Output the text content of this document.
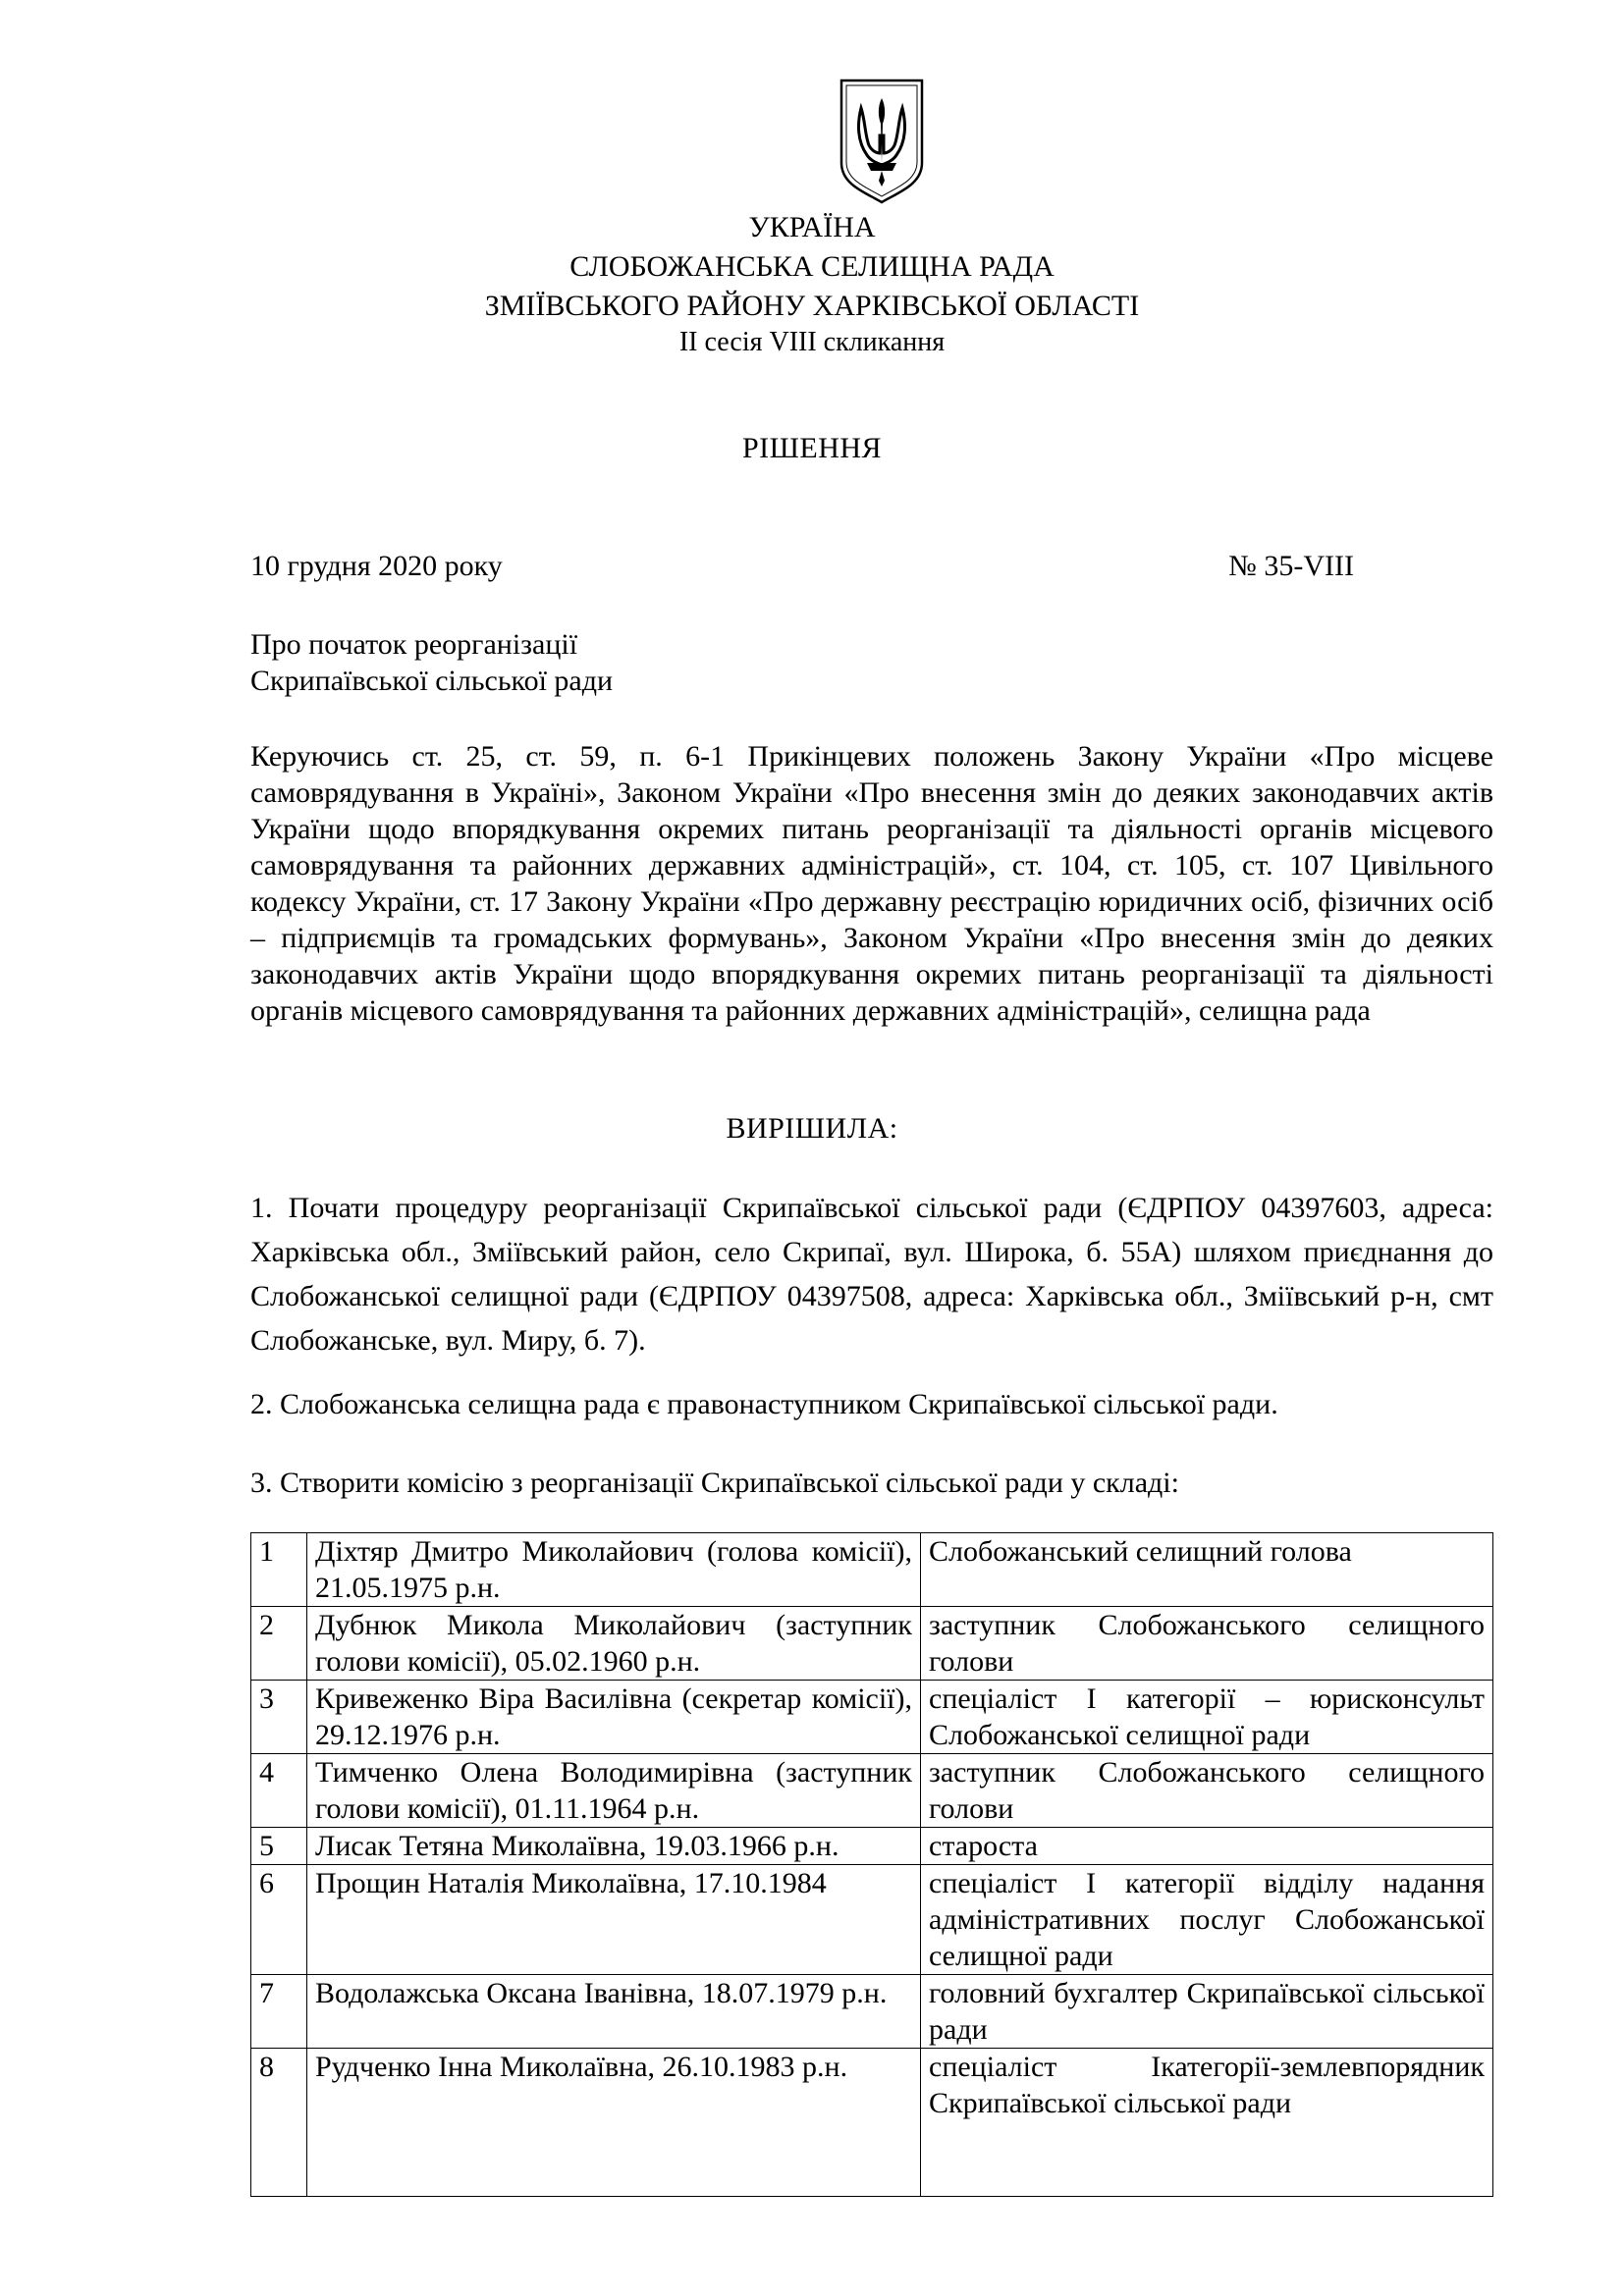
УКРАЇНА
СЛОБОЖАНСЬКА СЕЛИЩНА РАДА
ЗМІЇВСЬКОГО РАЙОНУ ХАРКІВСЬКОЇ ОБЛАСТІ
ІІ сесія VIII скликання
РІШЕННЯ
10 грудня 2020 року	№ 35-VIII
Про початок реорганізації
Скрипаївської сільської ради
Керуючись ст. 25, ст. 59, п. 6-1 Прикінцевих положень Закону України «Про місцеве самоврядування в Україні», Законом України «Про внесення змін до деяких законодавчих актів України щодо впорядкування окремих питань реорганізації та діяльності органів місцевого самоврядування та районних державних адміністрацій», ст. 104, ст. 105, ст. 107 Цивільного кодексу України, ст. 17 Закону України «Про державну реєстрацію юридичних осіб, фізичних осіб – підприємців та громадських формувань», Законом України «Про внесення змін до деяких законодавчих актів України щодо впорядкування окремих питань реорганізації та діяльності органів місцевого самоврядування та районних державних адміністрацій», селищна рада
ВИРІШИЛА:
1. Почати процедуру реорганізації Скрипаївської сільської ради (ЄДРПОУ 04397603, адреса: Харківська обл., Зміївський район, село Скрипаї, вул. Широка, б. 55А) шляхом приєднання до Слобожанської селищної ради (ЄДРПОУ 04397508, адреса: Харківська обл., Зміївський р-н, смт Слобожанське, вул. Миру, б. 7).
2. Слобожанська селищна рада є правонаступником Скрипаївської сільської ради.
3. Створити комісію з реорганізації Скрипаївської сільської ради у складі:
1	Діхтяр Дмитро Миколайович (голова комісії), 21.05.1975 р.н.	Слобожанський селищний голова
2	Дубнюк Микола Миколайович (заступник голови комісії), 05.02.1960 р.н.	заступник Слобожанського селищного голови
3	Кривеженко Віра Василівна (секретар комісії), 29.12.1976 р.н.	спеціаліст І категорії – юрисконсульт Слобожанської селищної ради
4	Тимченко Олена Володимирівна (заступник голови комісії), 01.11.1964 р.н.	заступник Слобожанського селищного голови
5	Лисак Тетяна Миколаївна, 19.03.1966 р.н.	староста
6	Прощин Наталія Миколаївна, 17.10.1984	спеціаліст І категорії відділу надання адміністративних послуг Слобожанської селищної ради
7	Водолажська Оксана Іванівна, 18.07.1979 р.н.	головний бухгалтер Скрипаївської сільської ради
8	Рудченко Інна Миколаївна, 26.10.1983 р.н.	спеціаліст Ікатегорії-землевпорядник Скрипаївської сільської ради
